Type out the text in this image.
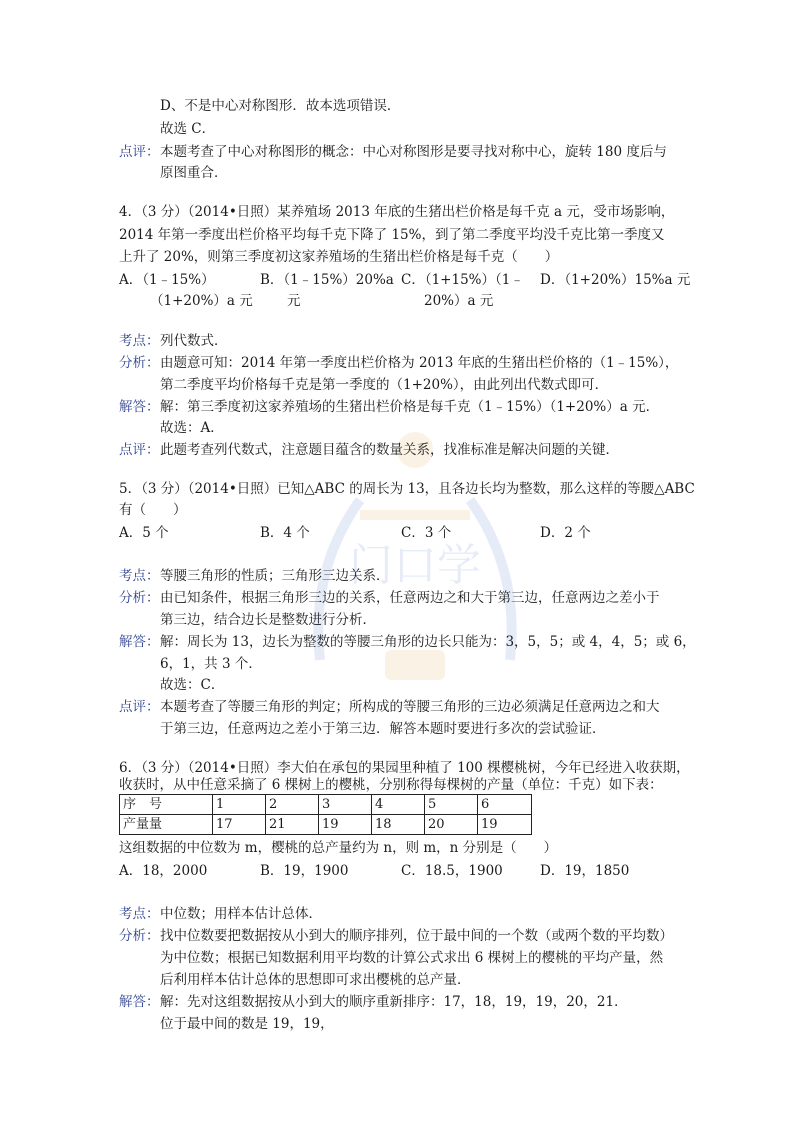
门口学
D、不是中心对称图形．故本选项错误．
故选 C．
点评： 本题考查了中心对称图形的概念：中心对称图形是要寻找对称中心，旋转 180 度后与
原图重合．
4．（3 分）（2014•日照）某养殖场 2013 年底的生猪出栏价格是每千克 a 元，受市场影响，
2014 年第一季度出栏价格平均每千克下降了 15%，到了第二季度平均没千克比第一季度又
上升了 20%，则第三季度初这家养殖场的生猪出栏价格是每千克（　　）
A．（1﹣15%）
（1+20%）a 元
B．（1﹣15%）20%a
元
C．（1+15%）（1﹣
20%）a 元
D．（1+20%）15%a 元
考点： 列代数式．
分析： 由题意可知：2014 年第一季度出栏价格为 2013 年底的生猪出栏价格的（1﹣15%），
第二季度平均价格每千克是第一季度的（1+20%），由此列出代数式即可．
解答： 解：第三季度初这家养殖场的生猪出栏价格是每千克（1﹣15%）（1+20%）a 元．
故选：A．
点评： 此题考查列代数式，注意题目蕴含的数量关系，找准标准是解决问题的关键．
5．（3 分）（2014•日照）已知△ABC 的周长为 13，且各边长均为整数，那么这样的等腰△ABC
有（　　）
A．5 个	B．4 个	C．3 个	D．2 个
考点： 等腰三角形的性质；三角形三边关系．
分析： 由已知条件，根据三角形三边的关系，任意两边之和大于第三边，任意两边之差小于
第三边，结合边长是整数进行分析．
解答： 解：周长为 13，边长为整数的等腰三角形的边长只能为：3，5，5；或 4，4，5；或 6，
6，1，共 3 个．
故选：C．
点评： 本题考查了等腰三角形的判定；所构成的等腰三角形的三边必须满足任意两边之和大
于第三边，任意两边之差小于第三边．解答本题时要进行多次的尝试验证．
6．（3 分）（2014•日照）李大伯在承包的果园里种植了 100 棵樱桃树，今年已经进入收获期，
收获时，从中任意采摘了 6 棵树上的樱桃，分别称得每棵树的产量（单位：千克）如下表：
序　号	1	2	3	4	5	6
产量量	17	21	19	18	20	19
这组数据的中位数为 m，樱桃的总产量约为 n，则 m，n 分别是（　　）
A．18，2000	B．19，1900	C．18.5，1900	D．19，1850
考点： 中位数；用样本估计总体．
分析： 找中位数要把数据按从小到大的顺序排列，位于最中间的一个数（或两个数的平均数）
为中位数；根据已知数据利用平均数的计算公式求出 6 棵树上的樱桃的平均产量，然
后利用样本估计总体的思想即可求出樱桃的总产量．
解答： 解：先对这组数据按从小到大的顺序重新排序：17，18，19，19，20，21．
位于最中间的数是 19，19，
